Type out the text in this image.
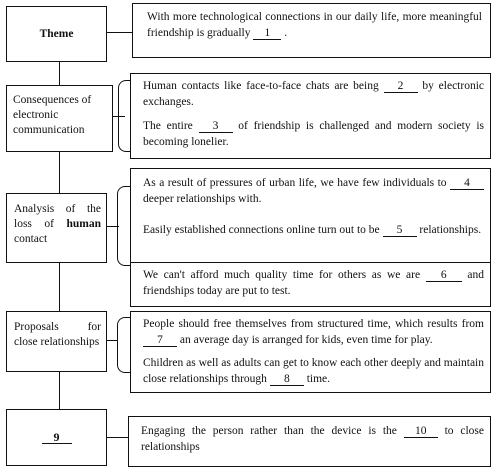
Theme
With more technological connections in our daily life, more meaningful friendship is gradually 1 .
Consequences of electronic communication
Human contacts like face-to-face chats are being 2 by electronic exchanges.
The entire 3 of friendship is challenged and modern society is becoming lonelier.
Analysis of the loss of human contact
As a result of pressures of urban life, we have few individuals to 4 deeper relationships with.
Easily established connections online turn out to be 5 relationships.
We can't afford much quality time for others as we are 6 and friendships today are put to test.
Proposals for close relationships
People should free themselves from structured time, which results from 7 an average day is arranged for kids, even time for play.
Children as well as adults can get to know each other deeply and maintain close relationships through 8 time.
9	Engaging the person rather than the device is the 10 to close relationships
